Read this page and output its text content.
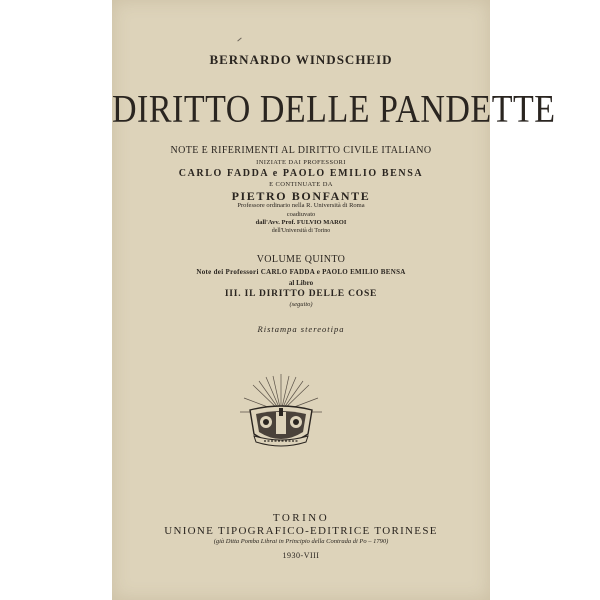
BERNARDO WINDSCHEID
DIRITTO DELLE PANDETTE
NOTE E RIFERIMENTI AL DIRITTO CIVILE ITALIANO
INIZIATE DAI PROFESSORI
CARLO FADDA e PAOLO EMILIO BENSA
E CONTINUATE DA
PIETRO BONFANTE
Professore ordinario nella R. Università di Roma
coadiuvato
dall'Avv. Prof. FULVIO MAROI
dell'Università di Torino
VOLUME QUINTO
Note dei Professori CARLO FADDA e PAOLO EMILIO BENSA
al Libro
III. IL DIRITTO DELLE COSE
(seguito)
Ristampa stereotipa
TORINO
UNIONE TIPOGRAFICO-EDITRICE TORINESE
(già Ditta Pomba Librai in Principio della Contrada di Po – 1790)
1930-VIII
